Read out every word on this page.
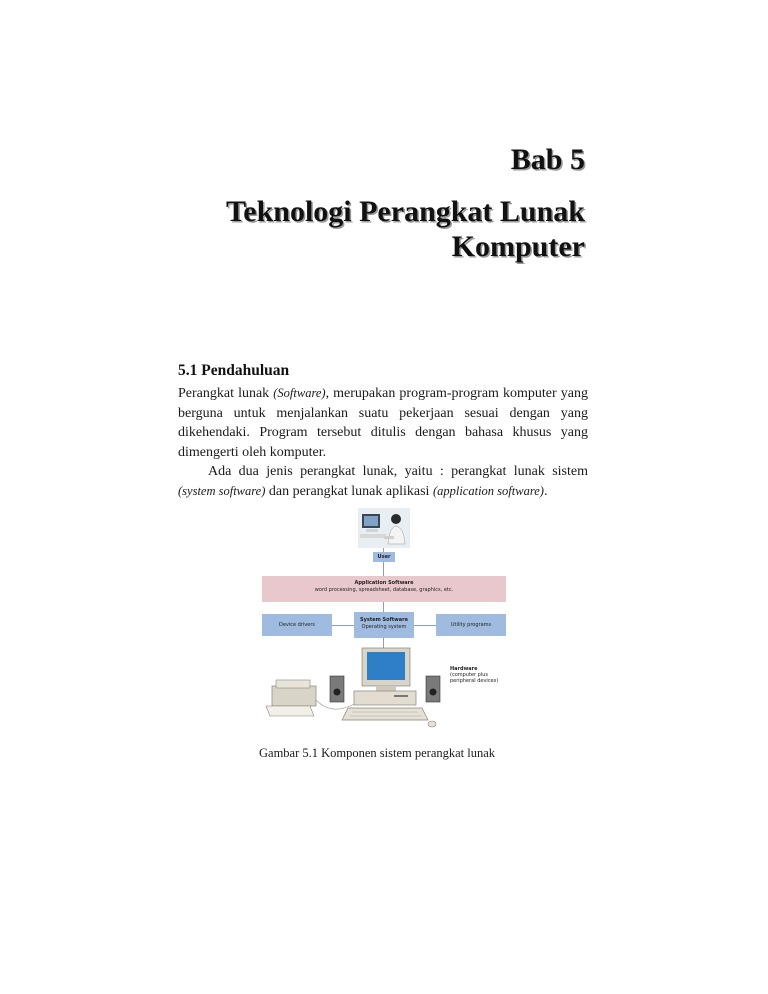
Bab 5
Teknologi Perangkat Lunak
Komputer
5.1 Pendahuluan

Perangkat lunak (Software), merupakan program-program komputer yang berguna untuk menjalankan suatu pekerjaan sesuai dengan yang dikehendaki. Program tersebut ditulis dengan bahasa khusus yang dimengerti oleh komputer.

Ada dua jenis perangkat lunak, yaitu : perangkat lunak sistem (system software) dan perangkat lunak aplikasi (application software).

User
Application Software
word processing, spreadsheet, database, graphics, etc.
Device drivers
System Software
Operating system	Utility programs
Hardware
(computer plus peripheral devices)
Gambar 5.1 Komponen sistem perangkat lunak
